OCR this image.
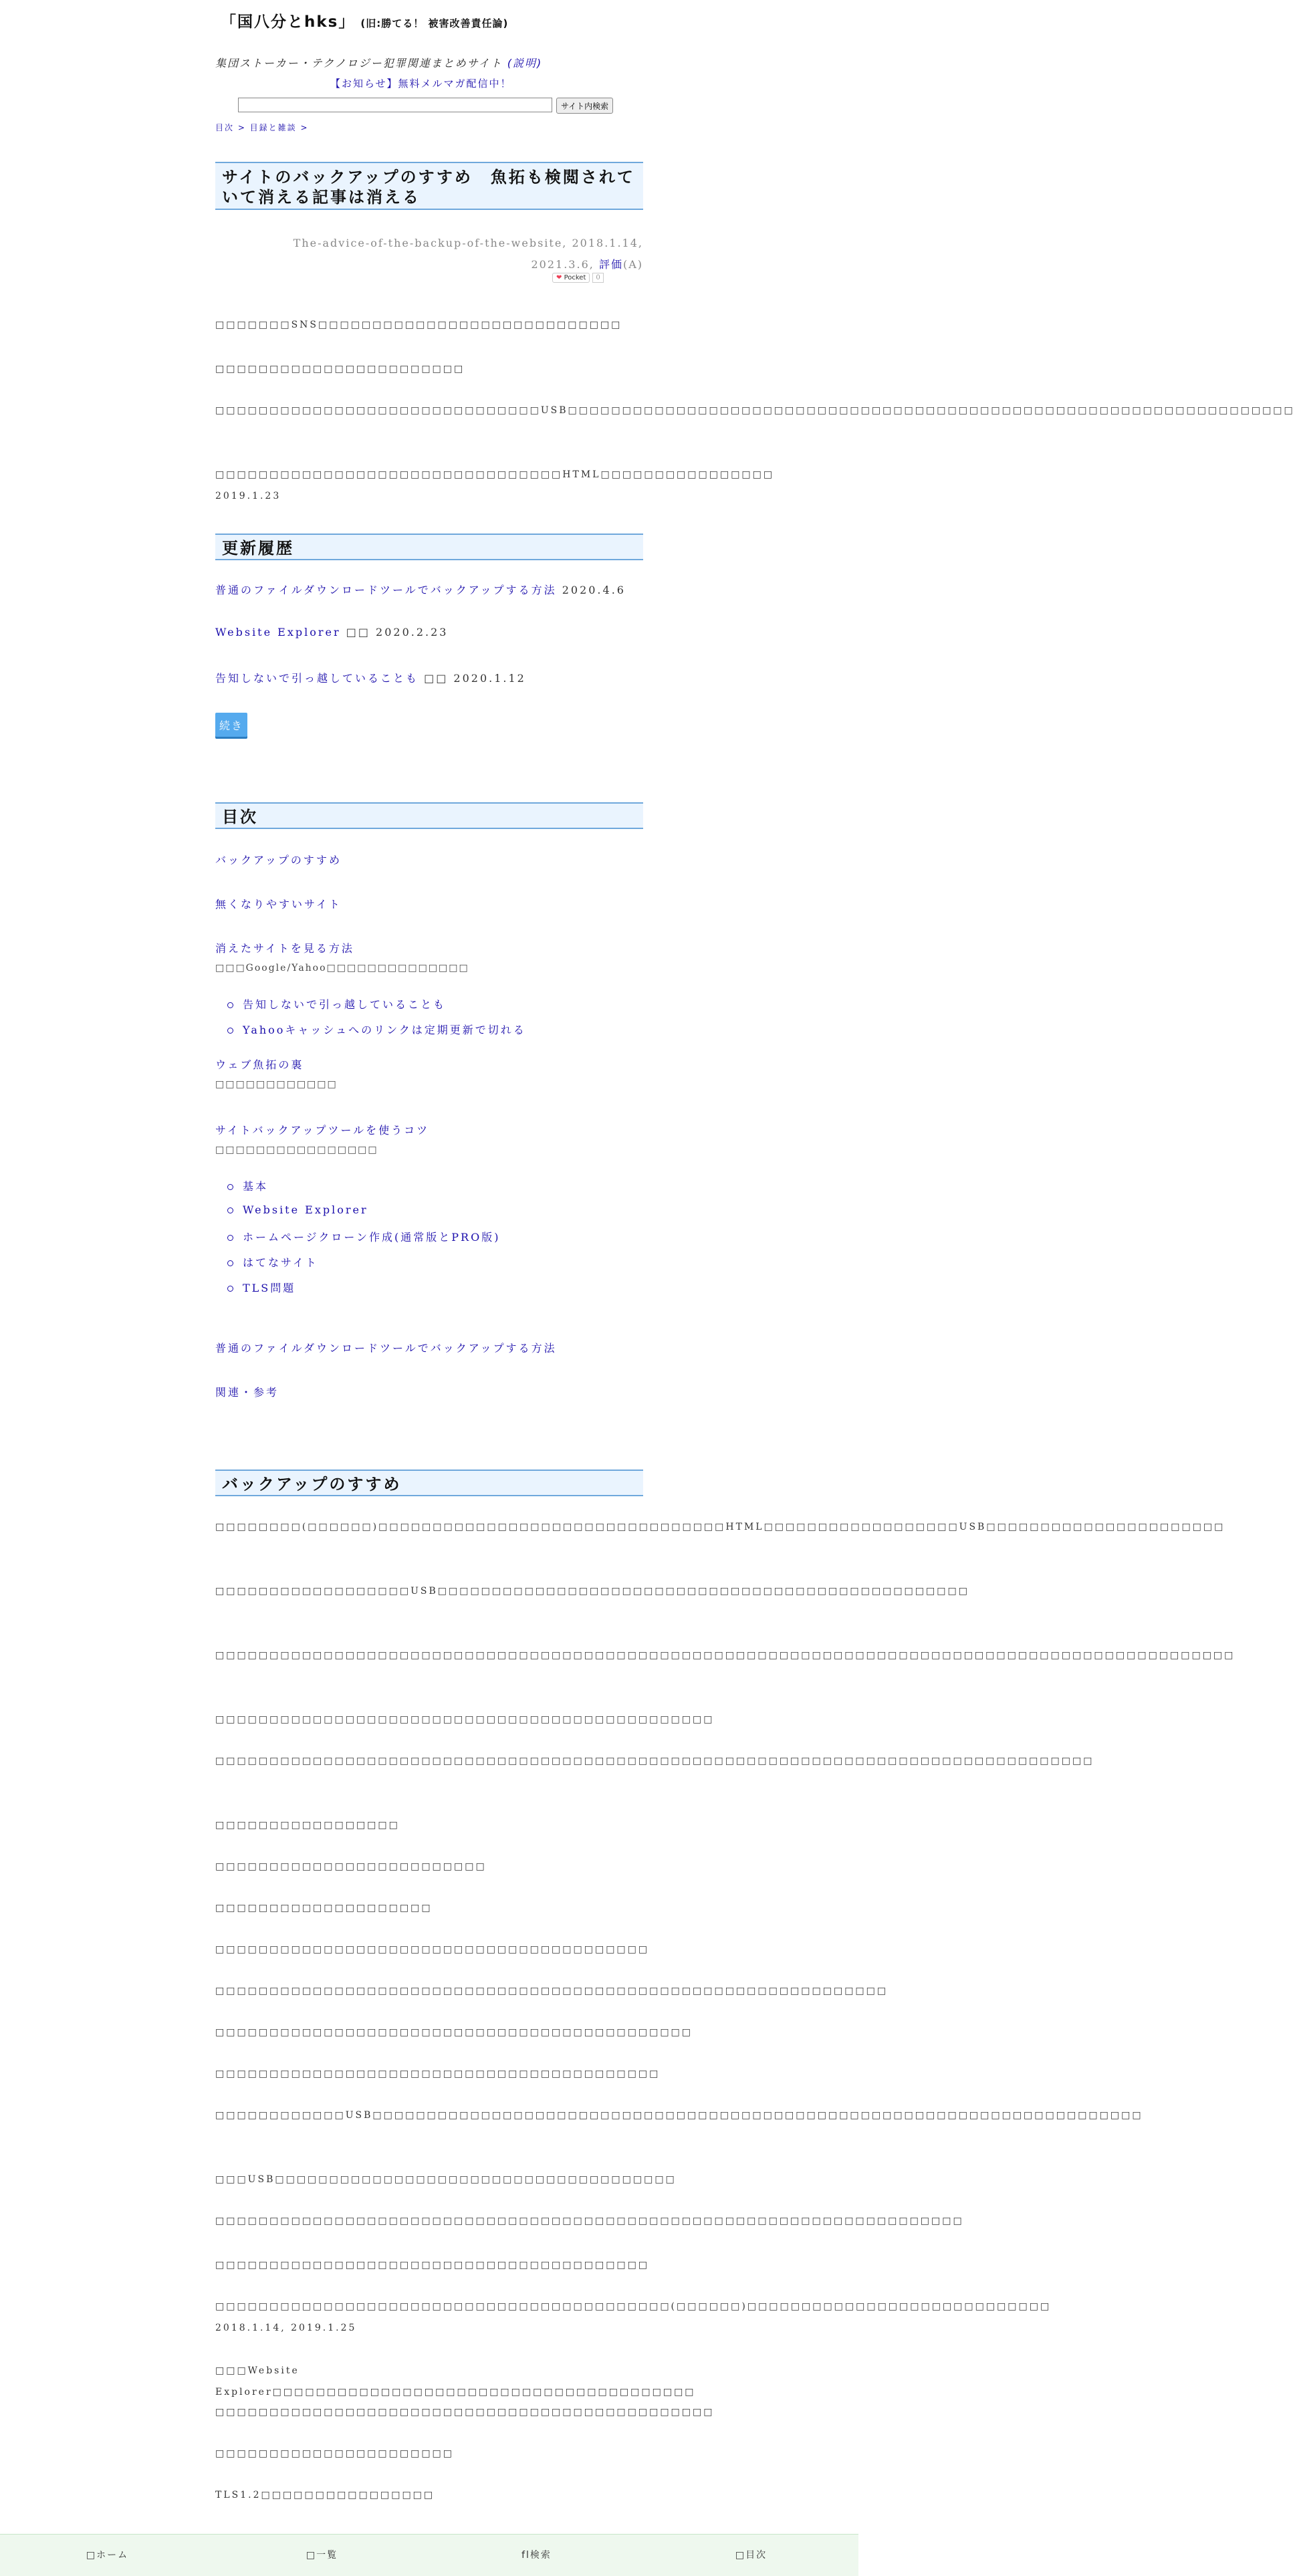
「国八分とhks」 (旧:勝てる！ 被害改善責任論)
集団ストーカー・テクノロジー犯罪関連まとめサイト (説明)
【お知らせ】無料メルマガ配信中！
サイト内検索
目次 > 目録と雑談 >
サイトのバックアップのすすめ　魚拓も検閲されていて消える記事は消える
The-advice-of-the-backup-of-the-website, 2018.1.14,
2021.3.6, 評価(A)
❤ Pocket	0

□□□□□□□SNS□□□□□□□□□□□□□□□□□□□□□□□□□□□□

□□□□□□□□□□□□□□□□□□□□□□□

□□□□□□□□□□□□□□□□□□□□□□□□□□□□□□USB□□□□□□□□□□□□□□□□□□□□□□□□□□□□□□□□□□□□□□□□□□□□□□□□□□□□□□□□□□□□□□□□□□□

□□□□□□□□□□□□□□□□□□□□□□□□□□□□□□□□HTML□□□□□□□□□□□□□□□□ 2019.1.23

更新履歴
普通のファイルダウンロードツールでバックアップする方法 2020.4.6
Website Explorer □□ 2020.2.23
告知しないで引っ越していることも □□ 2020.1.12
続き
目次
バックアップのすすめ
無くなりやすいサイト
消えたサイトを見る方法
□□□Google/Yahoo□□□□□□□□□□□□□□
告知しないで引っ越していることも
Yahooキャッシュへのリンクは定期更新で切れる
ウェブ魚拓の裏
□□□□□□□□□□□□
サイトバックアップツールを使うコツ
□□□□□□□□□□□□□□□□
基本
Website Explorer
ホームページクローン作成(通常版とPRO版)
はてなサイト
TLS問題
普通のファイルダウンロードツールでバックアップする方法
関連・参考
バックアップのすすめ

□□□□□□□□(□□□□□□)□□□□□□□□□□□□□□□□□□□□□□□□□□□□□□□□HTML□□□□□□□□□□□□□□□□□□USB□□□□□□□□□□□□□□□□□□□□□□

□□□□□□□□□□□□□□□□□□USB□□□□□□□□□□□□□□□□□□□□□□□□□□□□□□□□□□□□□□□□□□□□□□□□□

□□□□□□□□□□□□□□□□□□□□□□□□□□□□□□□□□□□□□□□□□□□□□□□□□□□□□□□□□□□□□□□□□□□□□□□□□□□□□□□□□□□□□□□□□□□□□□

□□□□□□□□□□□□□□□□□□□□□□□□□□□□□□□□□□□□□□□□□□□□□□

□□□□□□□□□□□□□□□□□□□□□□□□□□□□□□□□□□□□□□□□□□□□□□□□□□□□□□□□□□□□□□□□□□□□□□□□□□□□□□□□□

□□□□□□□□□□□□□□□□□

□□□□□□□□□□□□□□□□□□□□□□□□□

□□□□□□□□□□□□□□□□□□□□

□□□□□□□□□□□□□□□□□□□□□□□□□□□□□□□□□□□□□□□□

□□□□□□□□□□□□□□□□□□□□□□□□□□□□□□□□□□□□□□□□□□□□□□□□□□□□□□□□□□□□□□

□□□□□□□□□□□□□□□□□□□□□□□□□□□□□□□□□□□□□□□□□□□□

□□□□□□□□□□□□□□□□□□□□□□□□□□□□□□□□□□□□□□□□□

□□□□□□□□□□□□USB□□□□□□□□□□□□□□□□□□□□□□□□□□□□□□□□□□□□□□□□□□□□□□□□□□□□□□□□□□□□□□□□□□□□□□□

□□□USB□□□□□□□□□□□□□□□□□□□□□□□□□□□□□□□□□□□□□

□□□□□□□□□□□□□□□□□□□□□□□□□□□□□□□□□□□□□□□□□□□□□□□□□□□□□□□□□□□□□□□□□□□□□

□□□□□□□□□□□□□□□□□□□□□□□□□□□□□□□□□□□□□□□□

□□□□□□□□□□□□□□□□□□□□□□□□□□□□□□□□□□□□□□□□□□(□□□□□□)□□□□□□□□□□□□□□□□□□□□□□□□□□□□ 2018.1.14, 2019.1.25

□□□Website Explorer□□□□□□□□□□□□□□□□□□□□□□□□□□□□□□□□□□□□□□□

□□□□□□□□□□□□□□□□□□□□□□□□□□□□□□□□□□□□□□□□□□□□□□

□□□□□□□□□□□□□□□□□□□□□□

TLS1.2□□□□□□□□□□□□□□□□

□ホーム	□一覧	fl検索	□目次
